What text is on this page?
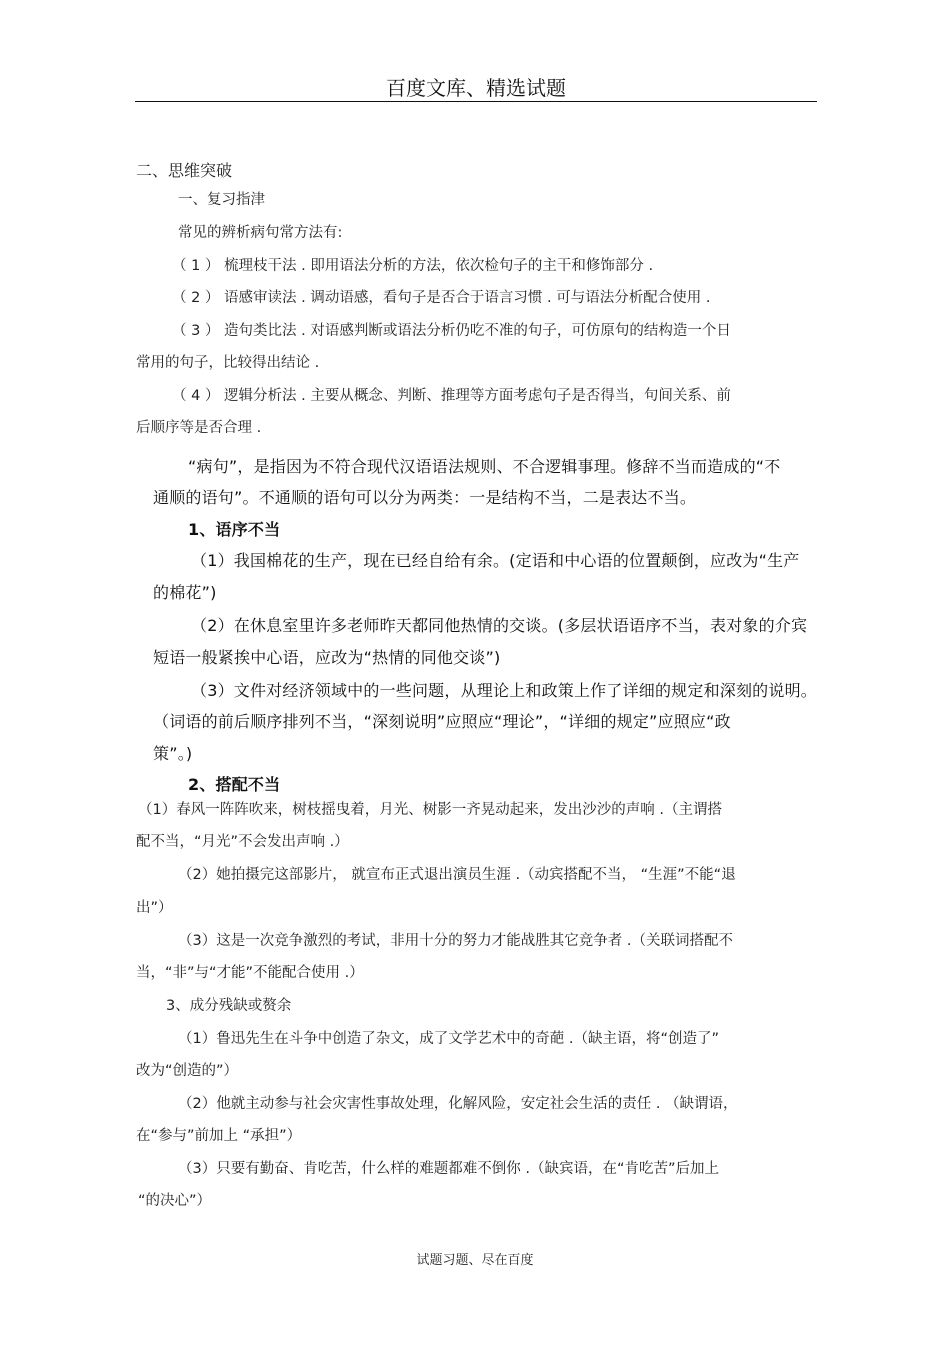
百度文库、精选试题
二、思维突破
一、复习指津
常见的辨析病句常方法有:
（ 1 ） 梳理枝干法 . 即用语法分析的方法，依次检句子的主干和修饰部分 .
（ 2 ） 语感审读法 . 调动语感，看句子是否合于语言习惯 . 可与语法分析配合使用 .
（ 3 ） 造句类比法 . 对语感判断或语法分析仍吃不准的句子，可仿原句的结构造一个日
常用的句子，比较得出结论 .
（ 4 ） 逻辑分析法 . 主要从概念、判断、推理等方面考虑句子是否得当，句间关系、前
后顺序等是否合理 .
“病句”，是指因为不符合现代汉语语法规则、不合逻辑事理。修辞不当而造成的“不
通顺的语句”。不通顺的语句可以分为两类：一是结构不当，二是表达不当。
1、语序不当
（1）我国棉花的生产，现在已经自给有余。(定语和中心语的位置颠倒，应改为“生产
的棉花”)
（2）在休息室里许多老师昨天都同他热情的交谈。(多层状语语序不当，表对象的介宾
短语一般紧挨中心语，应改为“热情的同他交谈”)
（3）文件对经济领域中的一些问题，从理论上和政策上作了详细的规定和深刻的说明。
（词语的前后顺序排列不当，“深刻说明”应照应“理论”，“详细的规定”应照应“政
策”。)
2、搭配不当
（1）春风一阵阵吹来，树枝摇曳着，月光、树影一齐晃动起来，发出沙沙的声响 .（主谓搭
配不当，“月光”不会发出声响 .）
（2）她拍摄完这部影片， 就宣布正式退出演员生涯 .（动宾搭配不当， “生涯”不能“退
出”）
（3）这是一次竞争激烈的考试，非用十分的努力才能战胜其它竞争者 .（关联词搭配不
当，“非”与“才能”不能配合使用 .）
3、成分残缺或赘余
（1）鲁迅先生在斗争中创造了杂文，成了文学艺术中的奇葩 .（缺主语，将“创造了”
改为“创造的”）
（2）他就主动参与社会灾害性事故处理，化解风险，安定社会生活的责任 . （缺谓语，
在“参与”前加上 “承担”）
（3）只要有勤奋、肯吃苦，什么样的难题都难不倒你 .（缺宾语，在“肯吃苦”后加上
“的决心”）
试题习题、尽在百度
